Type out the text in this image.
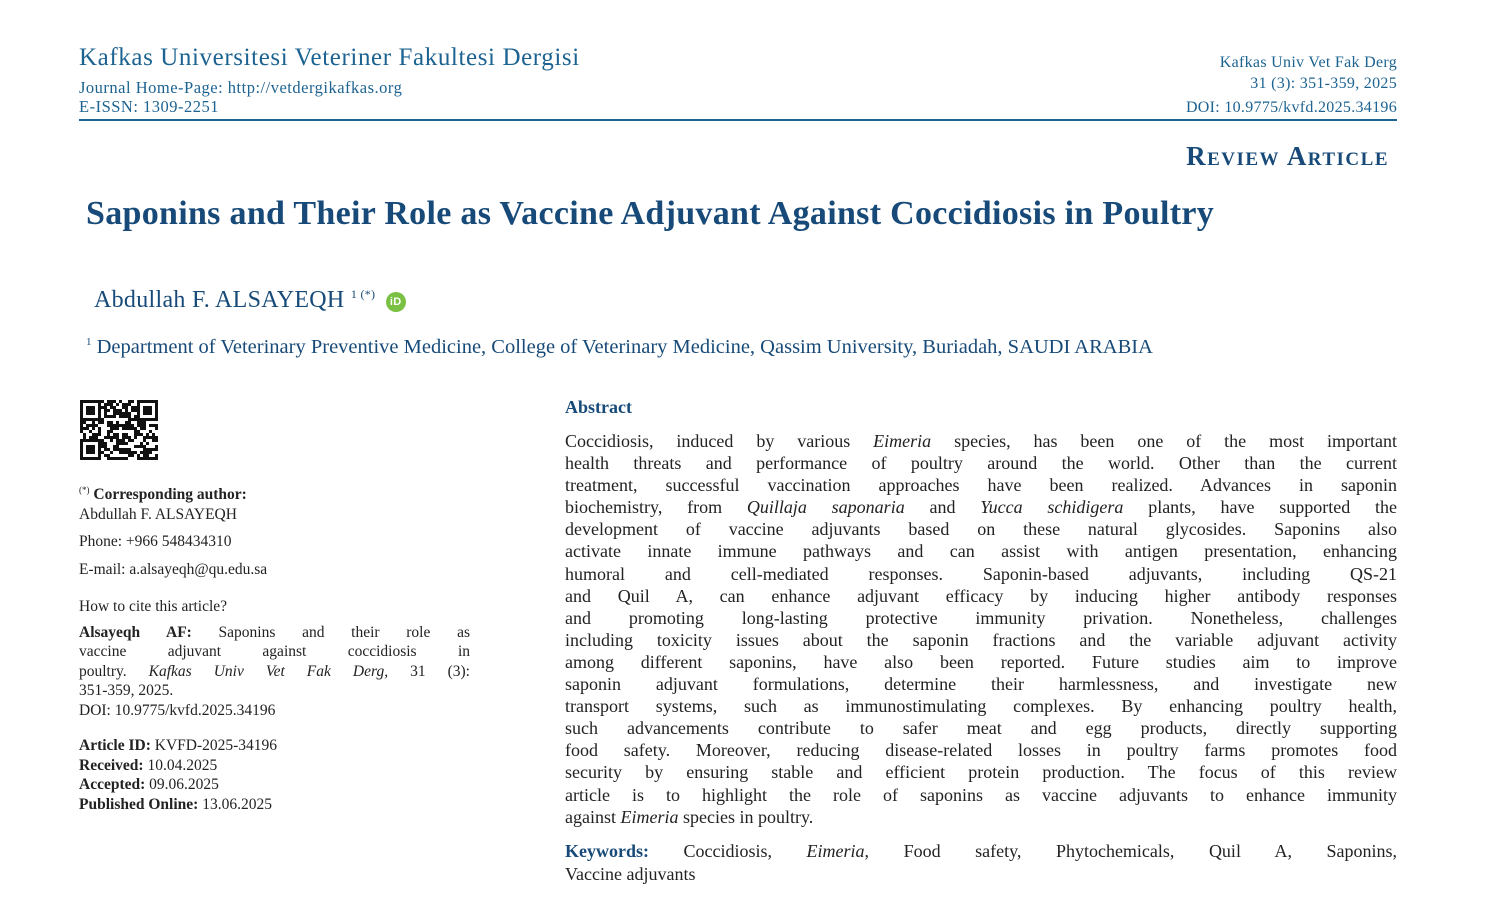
Kafkas Universitesi Veteriner Fakultesi Dergisi
Journal Home-Page: http://vetdergikafkas.org
E-ISSN: 1309-2251
Kafkas Univ Vet Fak Derg
31 (3): 351-359, 2025
DOI: 10.9775/kvfd.2025.34196
Review Article
Saponins and Their Role as Vaccine Adjuvant Against Coccidiosis in Poultry
Abdullah F. ALSAYEQH $^{1 (*)}$ iD
$^1$ Department of Veterinary Preventive Medicine, College of Veterinary Medicine, Qassim University, Buriadah, SAUDI ARABIA
(*) Corresponding author:
Abdullah F. ALSAYEQH
Phone: +966 548434310
E-mail: a.alsayeqh@qu.edu.sa
How to cite this article?
Alsayeqh AF: Saponins and their role as
vaccine adjuvant against coccidiosis in
poultry. Kafkas Univ Vet Fak Derg, 31 (3):
351-359, 2025.
DOI: 10.9775/kvfd.2025.34196
Article ID: KVFD-2025-34196
Received: 10.04.2025
Accepted: 09.06.2025
Published Online: 13.06.2025
Abstract
Coccidiosis, induced by various Eimeria species, has been one of the most important
health threats and performance of poultry around the world. Other than the current
treatment, successful vaccination approaches have been realized. Advances in saponin
biochemistry, from Quillaja saponaria and Yucca schidigera plants, have supported the
development of vaccine adjuvants based on these natural glycosides. Saponins also
activate innate immune pathways and can assist with antigen presentation, enhancing
humoral and cell-mediated responses. Saponin-based adjuvants, including QS-21
and Quil A, can enhance adjuvant efficacy by inducing higher antibody responses
and promoting long-lasting protective immunity privation. Nonetheless, challenges
including toxicity issues about the saponin fractions and the variable adjuvant activity
among different saponins, have also been reported. Future studies aim to improve
saponin adjuvant formulations, determine their harmlessness, and investigate new
transport systems, such as immunostimulating complexes. By enhancing poultry health,
such advancements contribute to safer meat and egg products, directly supporting
food safety. Moreover, reducing disease-related losses in poultry farms promotes food
security by ensuring stable and efficient protein production. The focus of this review
article is to highlight the role of saponins as vaccine adjuvants to enhance immunity
against Eimeria species in poultry.
Keywords: Coccidiosis, Eimeria, Food safety, Phytochemicals, Quil A, Saponins,
Vaccine adjuvants
